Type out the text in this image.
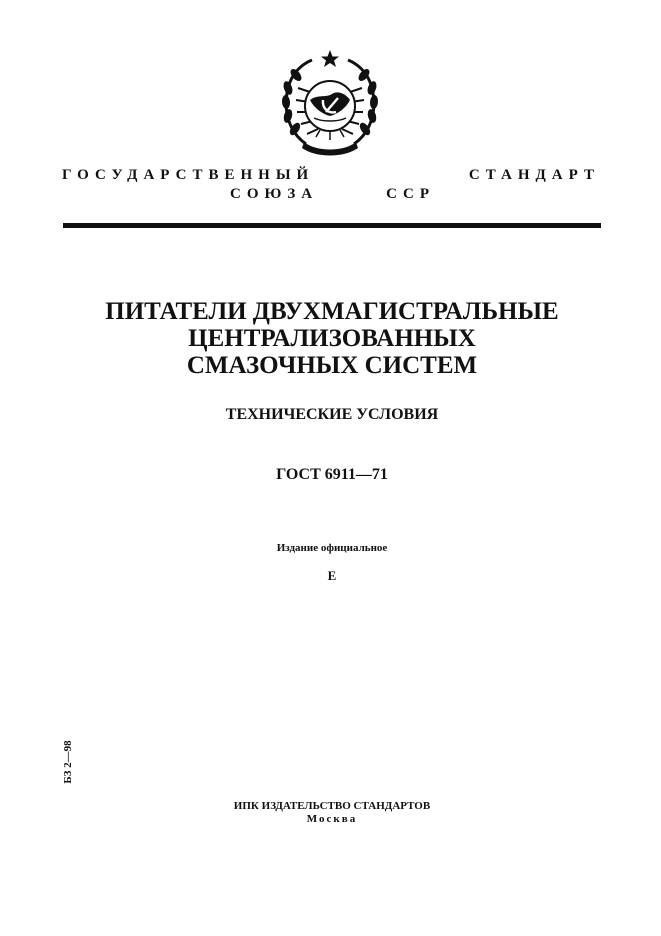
ГОСУДАРСТВЕННЫЙ СТАНДАРТ
СОЮЗА ССР
ПИТАТЕЛИ ДВУХМАГИСТРАЛЬНЫЕ
ЦЕНТРАЛИЗОВАННЫХ
СМАЗОЧНЫХ СИСТЕМ
ТЕХНИЧЕСКИЕ УСЛОВИЯ
ГОСТ 6911—71
Издание официальное
Е
БЗ 2—98
ИПК ИЗДАТЕЛЬСТВО СТАНДАРТОВ
Москва
